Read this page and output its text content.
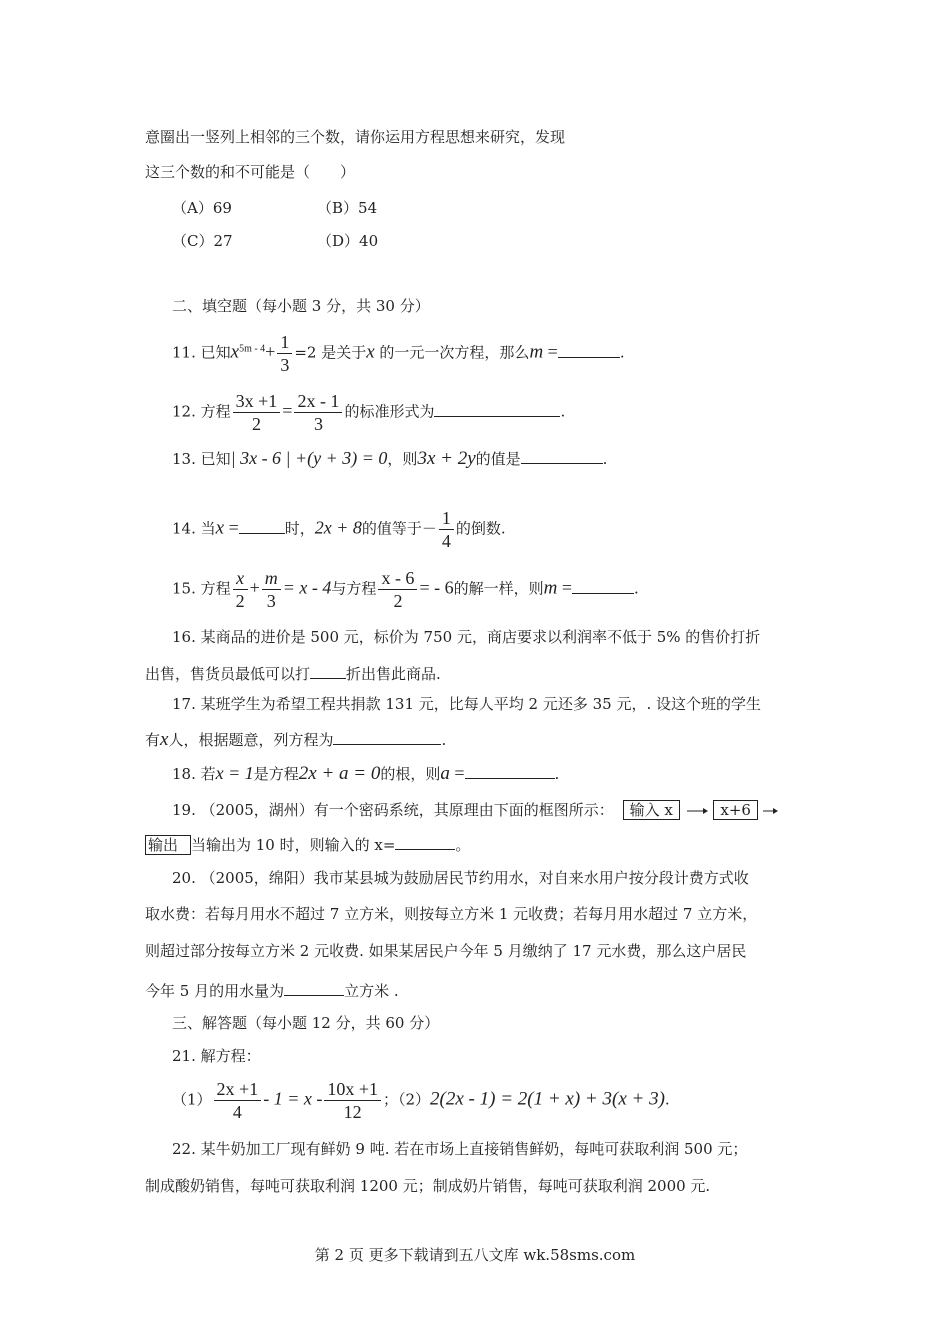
意圈出一竖列上相邻的三个数，请你运用方程思想来研究，发现
这三个数的和不可能是（　　）
（A）69	（B）54
（C）27	（D）40
二、填空题（每小题 3 分，共 30 分）
11. 已知$x^{5m - 4}+ \frac{1}{3} =2$ 是关于x 的一元一次方程，那么m =	.
12. 方程 $\frac{3x +1}{2} = \frac{2x - 1}{3}$ 的标准形式为	.
13. 已知| 3x - 6 | +(y + 3) = 0，则3x + 2y的值是	.
14. 当x =	时，2x + 8的值等于－ $\frac{1}{4}$ 的倒数.
15. 方程 $\frac{x}{2} + \frac{m}{3} = x - 4$与方程 $\frac{x - 6}{2}$ = - 6的解一样，则m =	.
16. 某商品的进价是 500 元，标价为 750 元，商店要求以利润率不低于 5% 的售价打折
出售，售货员最低可以打 折出售此商品.
17. 某班学生为希望工程共捐款 131 元，比每人平均 2 元还多 35 元，. 设这个班的学生
有x人，根据题意，列方程为	.
18. 若x = 1是方程2x + a = 0的根，则a =	.
19. （2005，湖州）有一个密码系统，其原理由下面的框图所示： 输入 x	x+6
输出 当输出为 10 时，则输入的 x=	。
20. （2005，绵阳）我市某县城为鼓励居民节约用水，对自来水用户按分段计费方式收
取水费：若每月用水不超过 7 立方米，则按每立方米 1 元收费；若每月用水超过 7 立方米，
则超过部分按每立方米 2 元收费. 如果某居民户今年 5 月缴纳了 17 元水费，那么这户居民
今年 5 月的用水量为	立方米 .
三、解答题（每小题 12 分，共 60 分）
21. 解方程：
$(1) \frac{2x +1}{4} - 1 = x - \frac{10x +1}{12}$ ；（2）2(2x - 1) = 2(1 + x) + 3(x + 3).
22. 某牛奶加工厂现有鲜奶 9 吨. 若在市场上直接销售鲜奶，每吨可获取利润 500 元；
制成酸奶销售，每吨可获取利润 1200 元；制成奶片销售，每吨可获取利润 2000 元.
第 2 页 更多下载请到五八文库 wk.58sms.com
